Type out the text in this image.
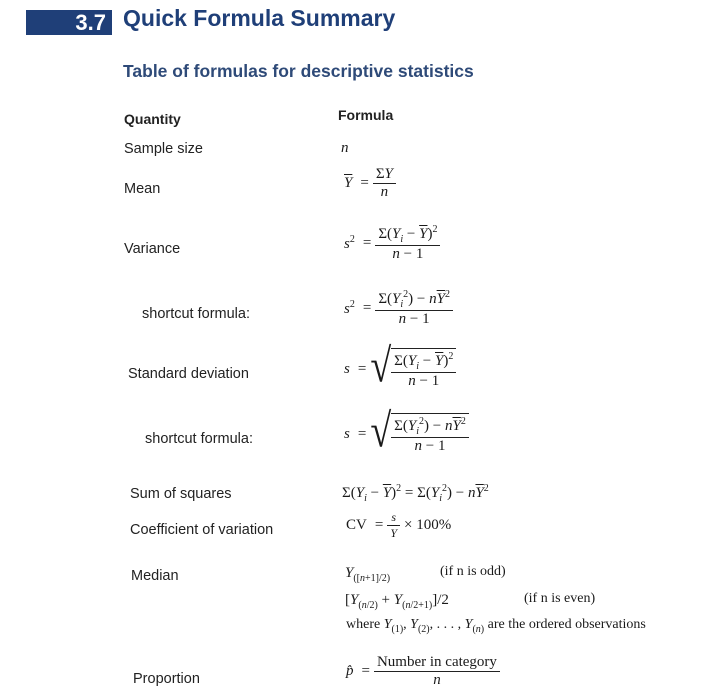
3.7 Quick Formula Summary
Table of formulas for descriptive statistics
Quantity	Formula
Sample size	n
Mean	$\overline{Y} = \frac{\Sigma Y}{n}$
Variance	$s^2 = \frac{\Sigma(Y_i - \overline{Y})^2}{n - 1}$
shortcut formula:	$s^2 = \frac{\Sigma(Y_i^2) - n\overline{Y}^2}{n - 1}$
Standard deviation	s = √ $\frac{\Sigma(Y_i - \overline{Y})^2}{n - 1}$
shortcut formula:	s = √ $\frac{\Sigma(Y_i^2) - n\overline{Y}^2}{n - 1}$
Sum of squares	$\Sigma(Y_i - \overline{Y})^2 = \Sigma(Y_i^2) - n\overline{Y}^2$
Coefficient of variation	CV = $\frac{s}{Y} \times 100\%$
Median	$Y_{([n+1]/2)}$	(if n is odd)
$[Y_{(n/2)} + Y_{(n/2+1)}]/2$	(if n is even)
where $Y_{(1)}$, $Y_{(2)}$, . . . , $Y_{(n)}$ are the ordered observations
Proportion	p̂ = $\frac{\text{Number in category}}{n}$
